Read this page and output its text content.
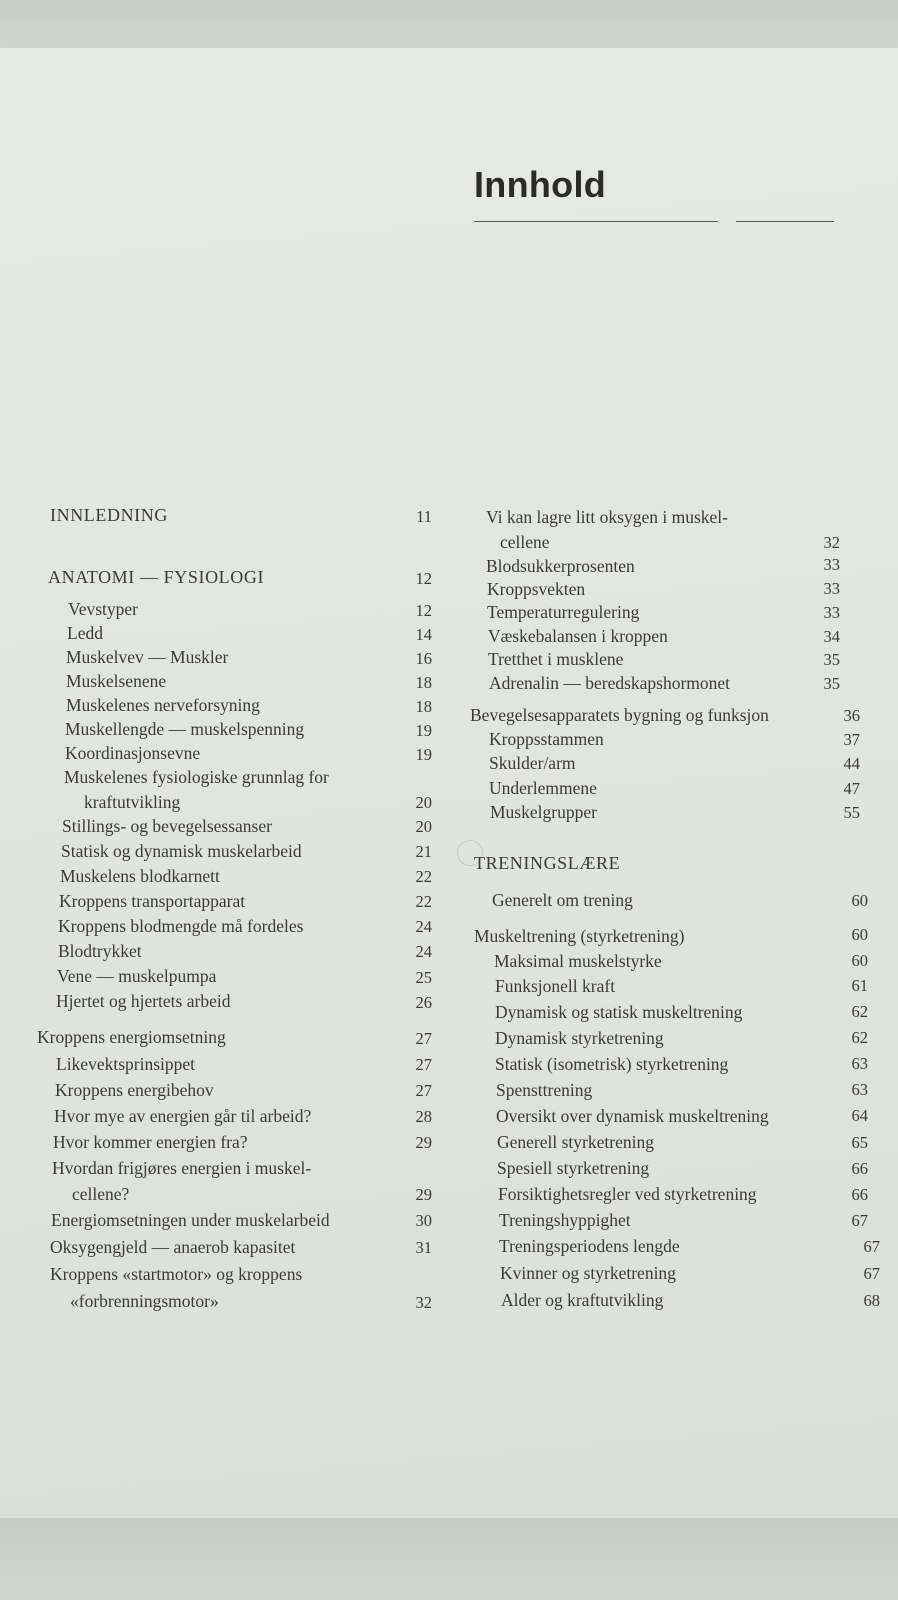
Innhold
INNLEDNING	11
ANATOMI — FYSIOLOGI	12
Vevstyper	12
Ledd	14
Muskelvev — Muskler	16
Muskelsenene	18
Muskelenes nerveforsyning	18
Muskellengde — muskelspenning	19
Koordinasjonsevne	19
Muskelenes fysiologiske grunnlag for
kraftutvikling	20
Stillings- og bevegelsessanser	20
Statisk og dynamisk muskelarbeid	21
Muskelens blodkarnett	22
Kroppens transportapparat	22
Kroppens blodmengde må fordeles	24
Blodtrykket	24
Vene — muskelpumpa	25
Hjertet og hjertets arbeid	26
Kroppens energiomsetning	27
Likevektsprinsippet	27
Kroppens energibehov	27
Hvor mye av energien går til arbeid?	28
Hvor kommer energien fra?	29
Hvordan frigjøres energien i muskel-
cellene?	29
Energiomsetningen under muskelarbeid	30
Oksygengjeld — anaerob kapasitet	31
Kroppens «startmotor» og kroppens
«forbrenningsmotor»	32
Vi kan lagre litt oksygen i muskel-
cellene	32
Blodsukkerprosenten	33
Kroppsvekten	33
Temperaturregulering	33
Væskebalansen i kroppen	34
Tretthet i musklene	35
Adrenalin — beredskapshormonet	35
Bevegelsesapparatets bygning og funksjon	36
Kroppsstammen	37
Skulder/arm	44
Underlemmene	47
Muskelgrupper	55
TRENINGSLÆRE
Generelt om trening	60
Muskeltrening (styrketrening)	60
Maksimal muskelstyrke	60
Funksjonell kraft	61
Dynamisk og statisk muskeltrening	62
Dynamisk styrketrening	62
Statisk (isometrisk) styrketrening	63
Spensttrening	63
Oversikt over dynamisk muskeltrening	64
Generell styrketrening	65
Spesiell styrketrening	66
Forsiktighetsregler ved styrketrening	66
Treningshyppighet	67
Treningsperiodens lengde	67
Kvinner og styrketrening	67
Alder og kraftutvikling	68
